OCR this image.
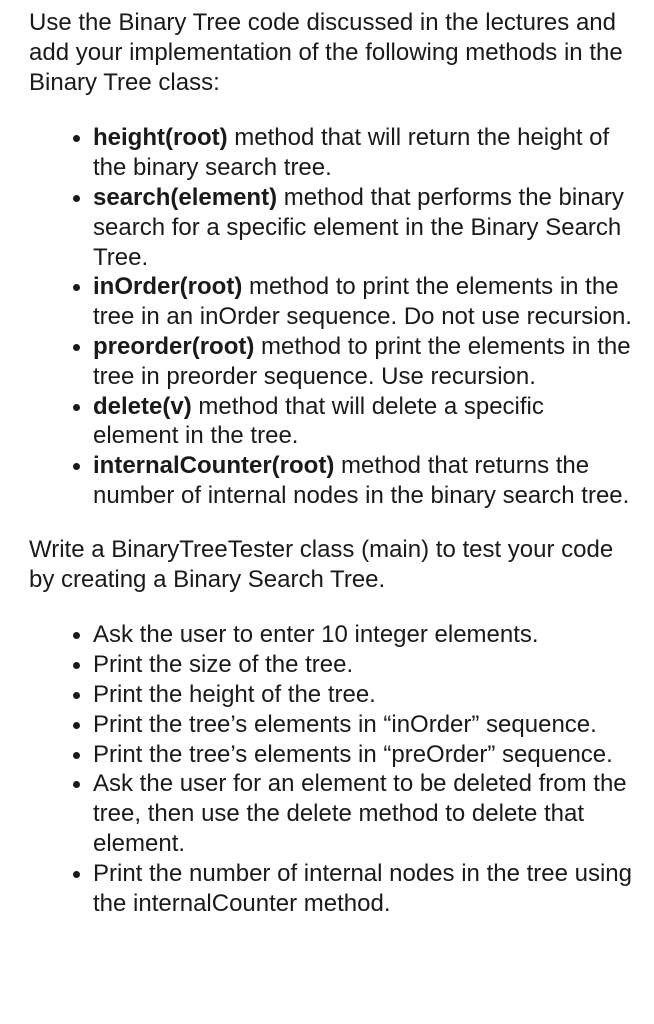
Use the Binary Tree code discussed in the lectures and add your implementation of the following methods in the Binary Tree class:

height(root) method that will return the height of the binary search tree.
search(element) method that performs the binary search for a specific element in the Binary Search Tree.
inOrder(root) method to print the elements in the tree in an inOrder sequence. Do not use recursion.
preorder(root) method to print the elements in the tree in preorder sequence. Use recursion.
delete(v) method that will delete a specific element in the tree.
internalCounter(root) method that returns the number of internal nodes in the binary search tree.

Write a BinaryTreeTester class (main) to test your code by creating a Binary Search Tree.

Ask the user to enter 10 integer elements.
Print the size of the tree.
Print the height of the tree.
Print the tree’s elements in “inOrder” sequence.
Print the tree’s elements in “preOrder” sequence.
Ask the user for an element to be deleted from the tree, then use the delete method to delete that element.
Print the number of internal nodes in the tree using the internalCounter method.
